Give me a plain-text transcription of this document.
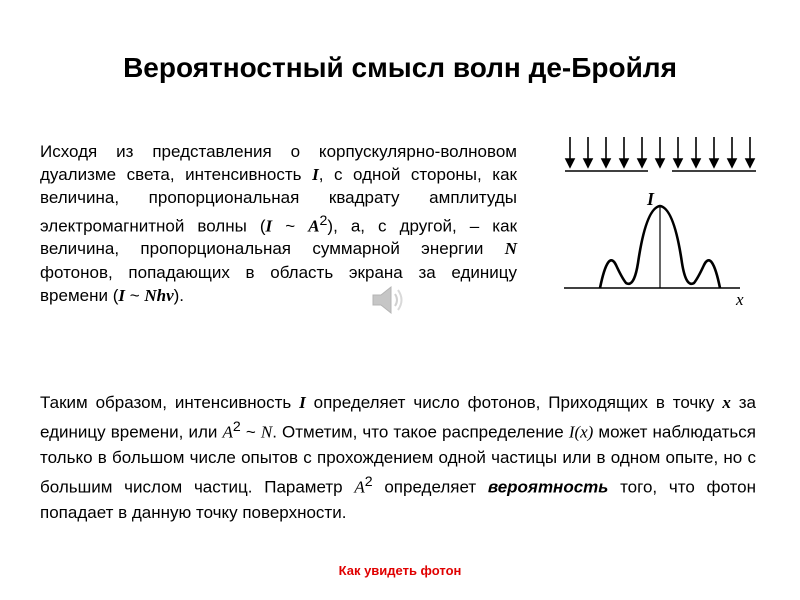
Вероятностный смысл волн де-Бройля
Исходя из представления о корпускулярно-волновом дуализме света, интенсивность I, с одной стороны, как величина, пропорциональная квадрату амплитуды электромагнитной волны (I ~ $A^2$), а, с другой, – как величина, пропорциональная суммарной энергии N фотонов, попадающих в область экрана за единицу времени (I ~ Nhν).
I
x
Таким образом, интенсивность I определяет число фотонов, Приходящих в точку x за единицу времени, или $A^2$ ~ N. Отметим, что такое распределение I(x) может наблюдаться только в большом числе опытов с прохождением одной частицы или в одном опыте, но с большим числом частиц. Параметр $A^2$ определяет вероятность того, что фотон попадает в данную точку поверхности.
Как увидеть фотон
